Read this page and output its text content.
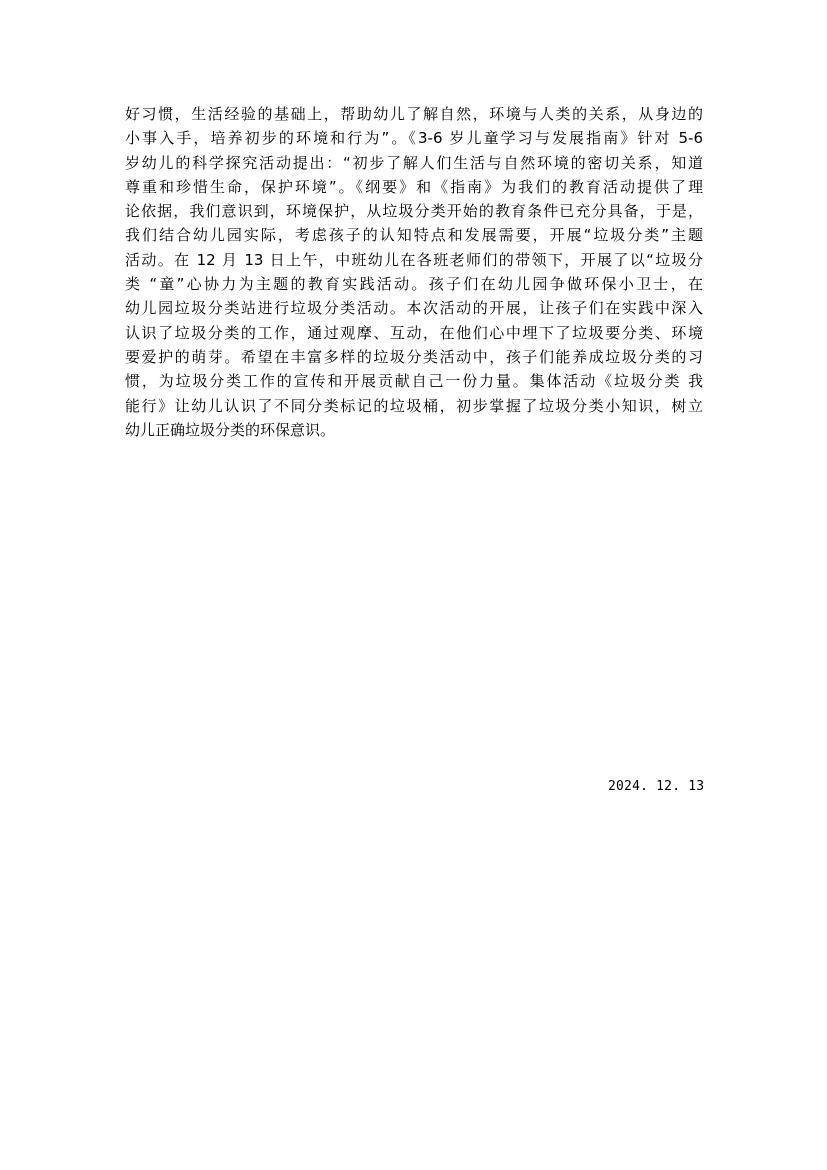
好习惯，生活经验的基础上，帮助幼儿了解自然，环境与人类的关系，从身边的
小事入手，培养初步的环境和行为”。《3-6 岁儿童学习与发展指南》针对 5-6
岁幼儿的科学探究活动提出：“初步了解人们生活与自然环境的密切关系，知道
尊重和珍惜生命，保护环境”。《纲要》和《指南》为我们的教育活动提供了理
论依据，我们意识到，环境保护，从垃圾分类开始的教育条件已充分具备，于是，
我们结合幼儿园实际，考虑孩子的认知特点和发展需要，开展“垃圾分类”主题
活动。在 12 月 13 日上午，中班幼儿在各班老师们的带领下，开展了以“垃圾分
类 “童”心协力为主题的教育实践活动。孩子们在幼儿园争做环保小卫士，在
幼儿园垃圾分类站进行垃圾分类活动。本次活动的开展，让孩子们在实践中深入
认识了垃圾分类的工作，通过观摩、互动，在他们心中埋下了垃圾要分类、环境
要爱护的萌芽。希望在丰富多样的垃圾分类活动中，孩子们能养成垃圾分类的习
惯，为垃圾分类工作的宣传和开展贡献自己一份力量。集体活动《垃圾分类 我
能行》让幼儿认识了不同分类标记的垃圾桶，初步掌握了垃圾分类小知识，树立
幼儿正确垃圾分类的环保意识。
2024. 12. 13
